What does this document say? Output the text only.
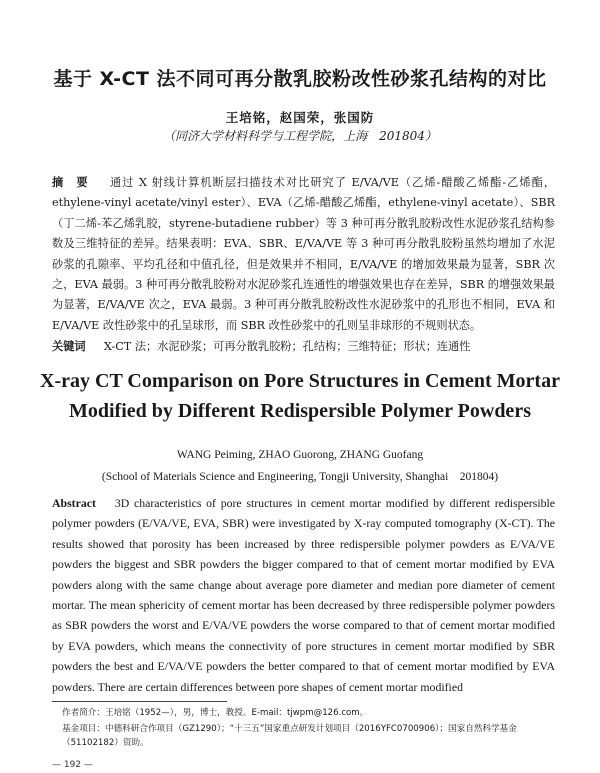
基于 X-CT 法不同可再分散乳胶粉改性砂浆孔结构的对比
王培铭，赵国荣，张国防
（同济大学材料科学与工程学院，上海　201804）
摘　要 　 通过 X 射线计算机断层扫描技术对比研究了 E/VA/VE（乙烯-醋酸乙烯酯-乙烯酯，ethylene-vinyl acetate/vinyl ester）、EVA（乙烯-醋酸乙烯酯，ethylene-vinyl acetate）、SBR（丁二烯-苯乙烯乳胶，styrene-butadiene rubber）等 3 种可再分散乳胶粉改性水泥砂浆孔结构参数及三维特征的差异。结果表明：EVA、SBR、E/VA/VE 等 3 种可再分散乳胶粉虽然均增加了水泥砂浆的孔隙率、平均孔径和中值孔径，但是效果并不相同，E/VA/VE 的增加效果最为显著，SBR 次之，EVA 最弱。3 种可再分散乳胶粉对水泥砂浆孔连通性的增强效果也存在差异，SBR 的增强效果最为显著，E/VA/VE 次之，EVA 最弱。3 种可再分散乳胶粉改性水泥砂浆中的孔形也不相同，EVA 和 E/VA/VE 改性砂浆中的孔呈球形，而 SBR 改性砂浆中的孔则呈非球形的不规则状态。
关键词 　 X-CT 法；水泥砂浆；可再分散乳胶粉；孔结构；三维特征；形状；连通性
X-ray CT Comparison on Pore Structures in Cement Mortar
Modified by Different Redispersible Polymer Powders
WANG Peiming, ZHAO Guorong, ZHANG Guofang
(School of Materials Science and Engineering, Tongji University, Shanghai　201804)
Abstract 3D characteristics of pore structures in cement mortar modified by different redispersible polymer powders (E/VA/VE, EVA, SBR) were investigated by X-ray computed tomography (X-CT). The results showed that porosity has been increased by three redispersible polymer powders as E/VA/VE powders the biggest and SBR powders the bigger compared to that of cement mortar modified by EVA powders along with the same change about average pore diameter and median pore diameter of cement mortar. The mean sphericity of cement mortar has been decreased by three redispersible polymer powders as SBR powders the worst and E/VA/VE powders the worse compared to that of cement mortar modified by EVA powders, which means the connectivity of pore structures in cement mortar modified by SBR powders the best and E/VA/VE powders the better compared to that of cement mortar modified by EVA powders. There are certain differences between pore shapes of cement mortar modified
作者简介：王培铭（1952—），男，博士，教授。E-mail：tjwpm@126.com。
基金项目：中德科研合作项目（GZ1290）；“十三五”国家重点研发计划项目（2016YFC0700906）；国家自然科学基金（51102182）资助。
— 192 —
